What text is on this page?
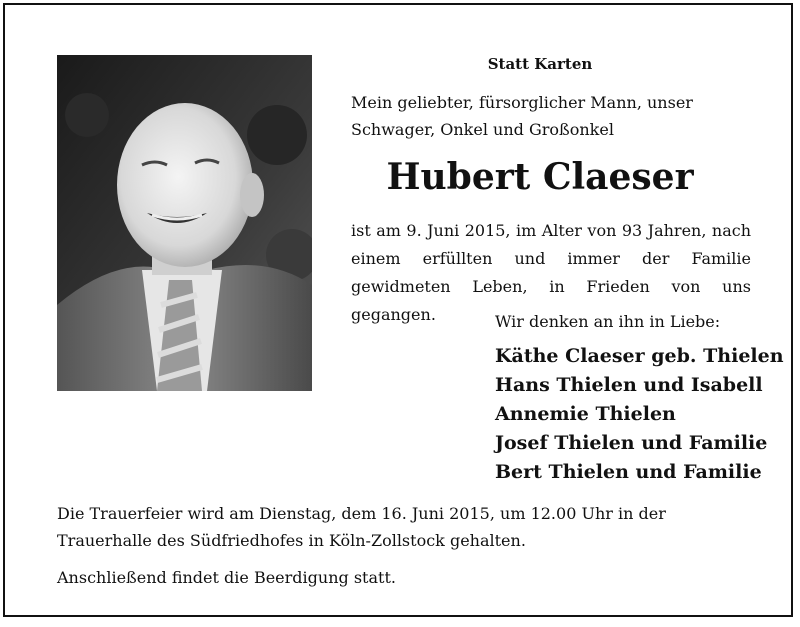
Statt Karten
Mein geliebter, fürsorglicher Mann, unser Schwager, Onkel und Großonkel
Hubert Claeser
ist am 9. Juni 2015, im Alter von 93 Jahren, nach einem erfüllten und immer der Familie gewidmeten Leben, in Frieden von uns gegangen.	Wir denken an ihn in Liebe:
Käthe Claeser geb. Thielen
Hans Thielen und Isabell
Annemie Thielen
Josef Thielen und Familie
Bert Thielen und Familie

Die Trauerfeier wird am Dienstag, dem 16. Juni 2015, um 12.00 Uhr in der Trauerhalle des Südfriedhofes in Köln-Zollstock gehalten.

Anschließend findet die Beerdigung statt.
